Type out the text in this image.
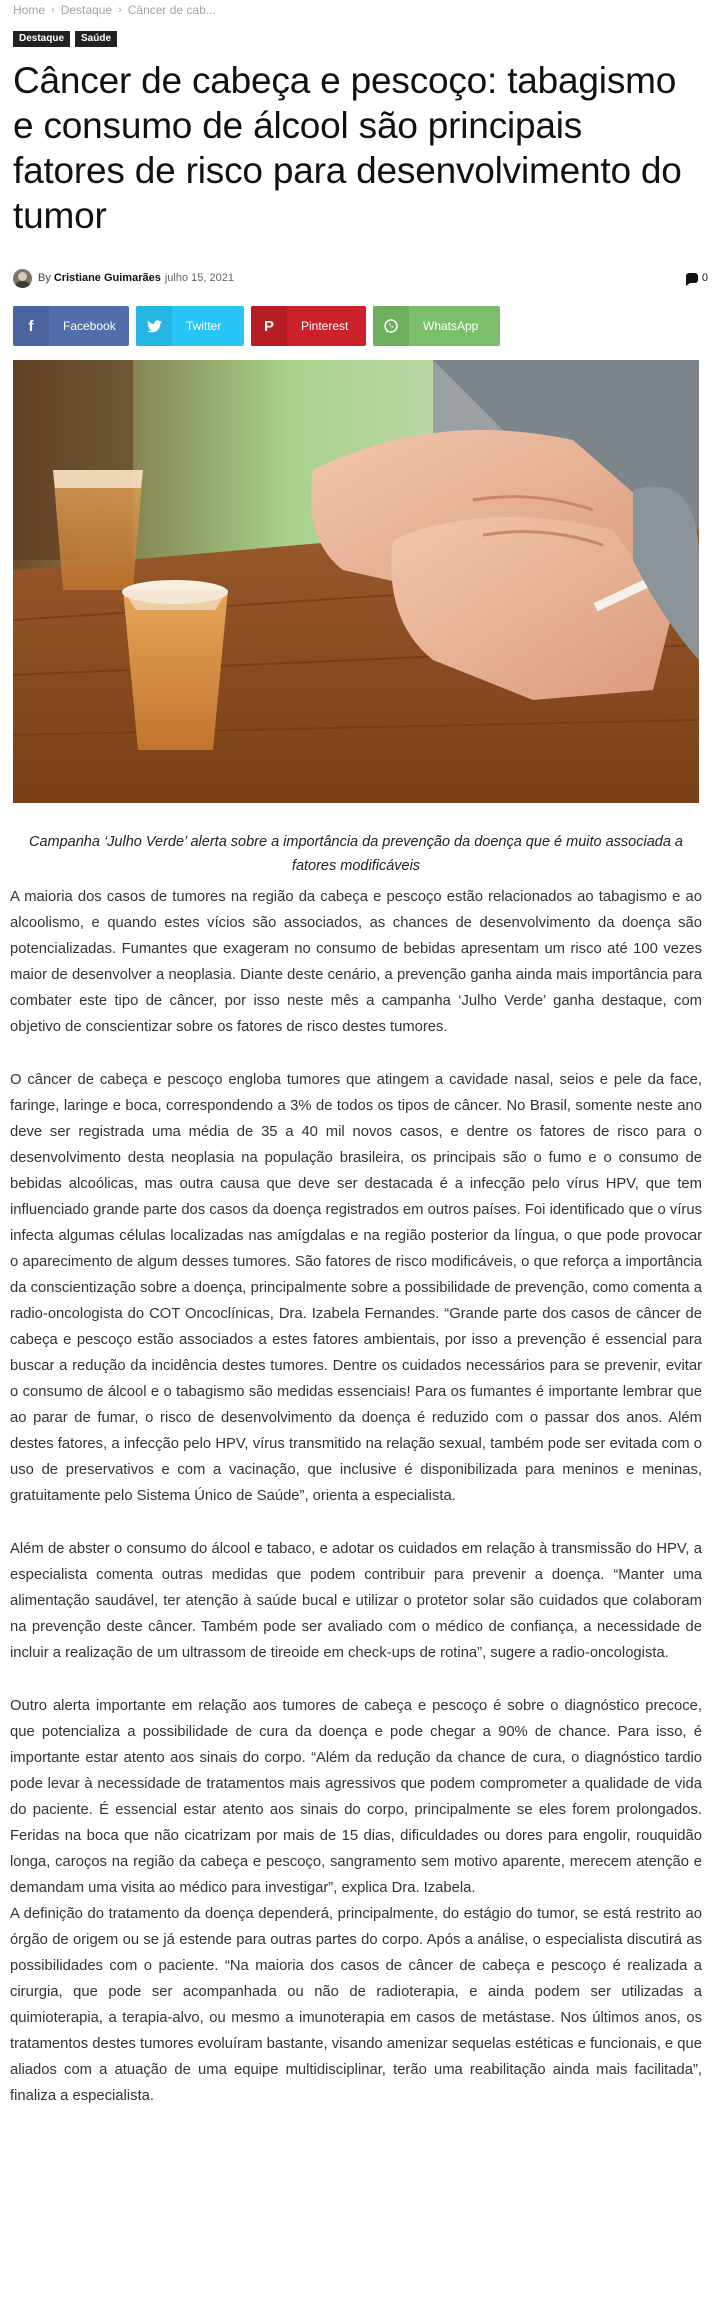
Home › Destaque › Câncer de cab...
Destaque	Saúde
Câncer de cabeça e pescoço: tabagismo e consumo de álcool são principais fatores de risco para desenvolvimento do tumor
By Cristiane Guimarães julho 15, 2021	0
f	Facebook	Twitter	P	Pinterest	WhatsApp

Campanha ‘Julho Verde’ alerta sobre a importância da prevenção da doença que é muito associada a fatores modificáveis

A maioria dos casos de tumores na região da cabeça e pescoço estão relacionados ao tabagismo e ao alcoolismo, e quando estes vícios são associados, as chances de desenvolvimento da doença são potencializadas. Fumantes que exageram no consumo de bebidas apresentam um risco até 100 vezes maior de desenvolver a neoplasia. Diante deste cenário, a prevenção ganha ainda mais importância para combater este tipo de câncer, por isso neste mês a campanha ‘Julho Verde’ ganha destaque, com objetivo de conscientizar sobre os fatores de risco destes tumores.

O câncer de cabeça e pescoço engloba tumores que atingem a cavidade nasal, seios e pele da face, faringe, laringe e boca, correspondendo a 3% de todos os tipos de câncer. No Brasil, somente neste ano deve ser registrada uma média de 35 a 40 mil novos casos, e dentre os fatores de risco para o desenvolvimento desta neoplasia na população brasileira, os principais são o fumo e o consumo de bebidas alcoólicas, mas outra causa que deve ser destacada é a infecção pelo vírus HPV, que tem influenciado grande parte dos casos da doença registrados em outros países. Foi identificado que o vírus infecta algumas células localizadas nas amígdalas e na região posterior da língua, o que pode provocar o aparecimento de algum desses tumores. São fatores de risco modificáveis, o que reforça a importância da conscientização sobre a doença, principalmente sobre a possibilidade de prevenção, como comenta a radio-oncologista do COT Oncoclínicas, Dra. Izabela Fernandes. “Grande parte dos casos de câncer de cabeça e pescoço estão associados a estes fatores ambientais, por isso a prevenção é essencial para buscar a redução da incidência destes tumores. Dentre os cuidados necessários para se prevenir, evitar o consumo de álcool e o tabagismo são medidas essenciais! Para os fumantes é importante lembrar que ao parar de fumar, o risco de desenvolvimento da doença é reduzido com o passar dos anos. Além destes fatores, a infecção pelo HPV, vírus transmitido na relação sexual, também pode ser evitada com o uso de preservativos e com a vacinação, que inclusive é disponibilizada para meninos e meninas, gratuitamente pelo Sistema Único de Saúde”, orienta a especialista.

Além de abster o consumo do álcool e tabaco, e adotar os cuidados em relação à transmissão do HPV, a especialista comenta outras medidas que podem contribuir para prevenir a doença. “Manter uma alimentação saudável, ter atenção à saúde bucal e utilizar o protetor solar são cuidados que colaboram na prevenção deste câncer. Também pode ser avaliado com o médico de confiança, a necessidade de incluir a realização de um ultrassom de tireoide em check-ups de rotina”, sugere a radio-oncologista.

Outro alerta importante em relação aos tumores de cabeça e pescoço é sobre o diagnóstico precoce, que potencializa a possibilidade de cura da doença e pode chegar a 90% de chance. Para isso, é importante estar atento aos sinais do corpo. “Além da redução da chance de cura, o diagnóstico tardio pode levar à necessidade de tratamentos mais agressivos que podem comprometer a qualidade de vida do paciente. É essencial estar atento aos sinais do corpo, principalmente se eles forem prolongados. Feridas na boca que não cicatrizam por mais de 15 dias, dificuldades ou dores para engolir, rouquidão longa, caroços na região da cabeça e pescoço, sangramento sem motivo aparente, merecem atenção e demandam uma visita ao médico para investigar”, explica Dra. Izabela.

A definição do tratamento da doença dependerá, principalmente, do estágio do tumor, se está restrito ao órgão de origem ou se já estende para outras partes do corpo. Após a análise, o especialista discutirá as possibilidades com o paciente. “Na maioria dos casos de câncer de cabeça e pescoço é realizada a cirurgia, que pode ser acompanhada ou não de radioterapia, e ainda podem ser utilizadas a quimioterapia, a terapia-alvo, ou mesmo a imunoterapia em casos de metástase. Nos últimos anos, os tratamentos destes tumores evoluíram bastante, visando amenizar sequelas estéticas e funcionais, e que aliados com a atuação de uma equipe multidisciplinar, terão uma reabilitação ainda mais facilitada”, finaliza a especialista.
